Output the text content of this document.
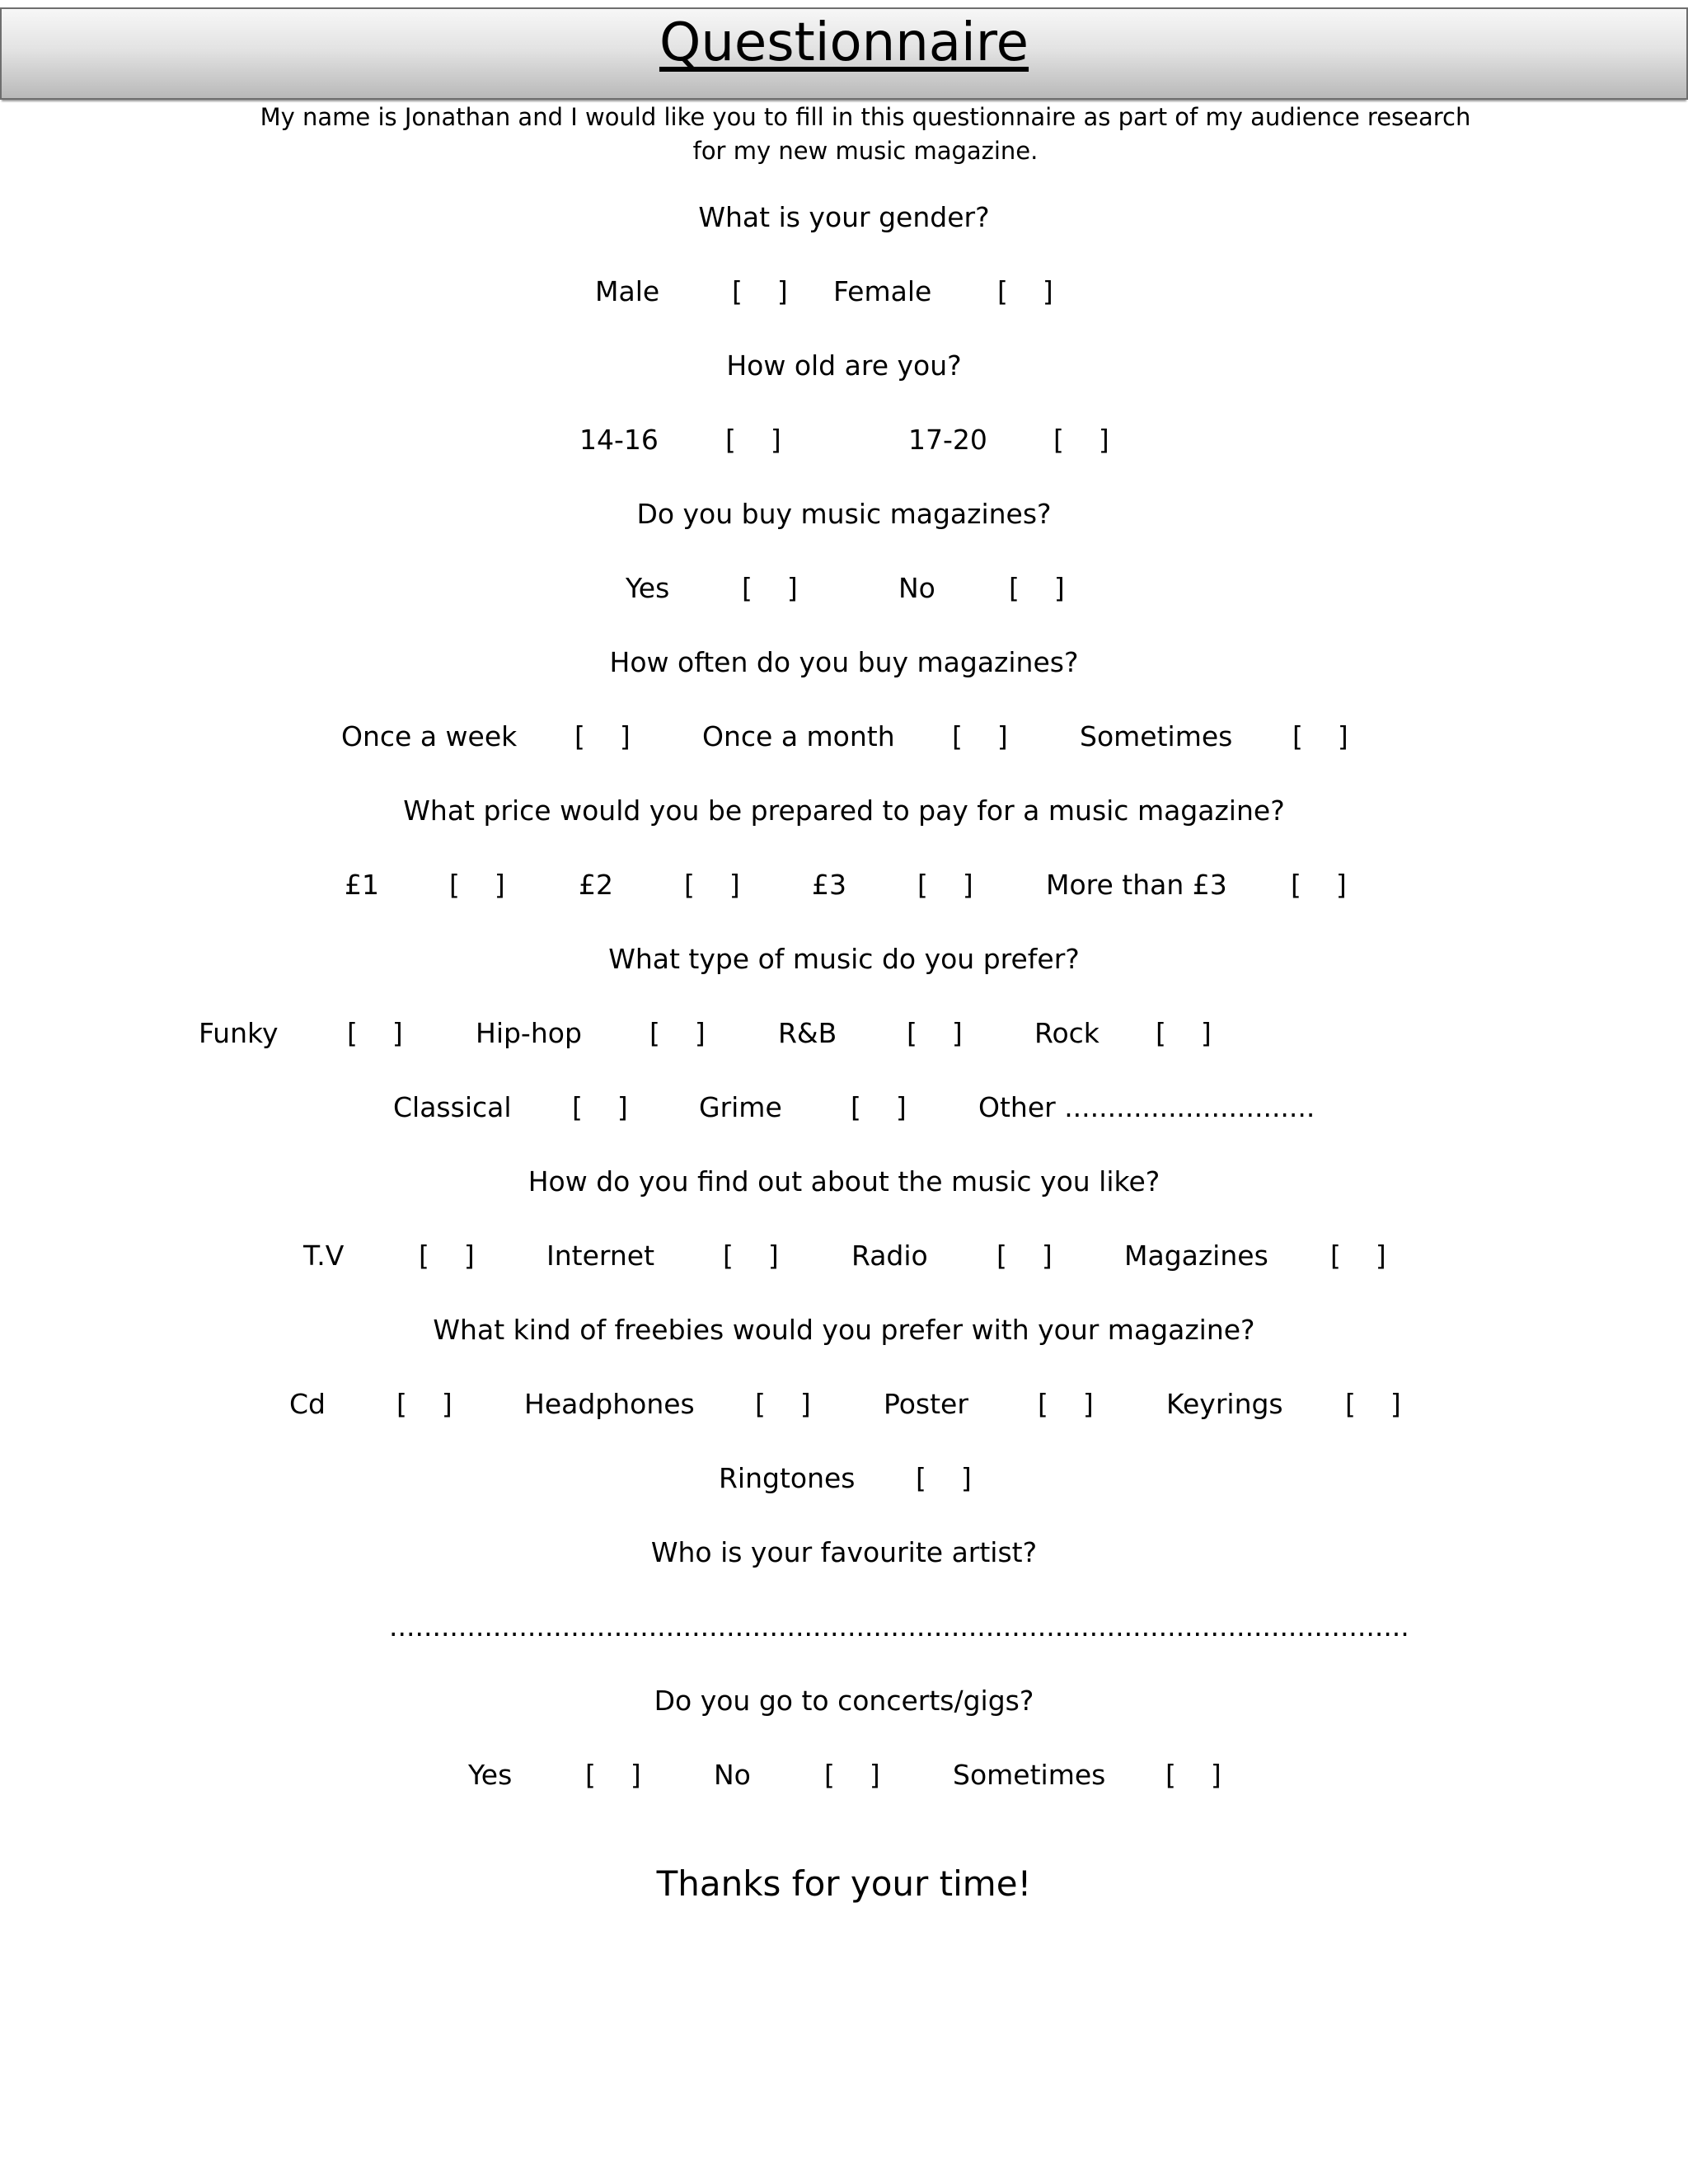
Questionnaire
My name is Jonathan and I would like you to fill in this questionnaire as part of my audience research for my new music magazine.
What is your gender?
Male	[    ] Female [    ]
How old are you?
14-16 [    ]	17-20 [    ]
Do you buy music magazines?
Yes	[    ]	No	[    ]
How often do you buy magazines?
Once a week [    ]	Once a month [    ]	Sometimes [    ]
What price would you be prepared to pay for a music magazine?
£1	[    ]	£2	[    ]	£3	[    ]	More than £3 [    ]
What type of music do you prefer?
Funky	[    ]	Hip-hop [    ]	R&B	[    ]	Rock [    ]
Classical [    ]	Grime	[    ]	Other .............................
How do you find out about the music you like?
T.V	[    ]	Internet	[    ]	Radio	[    ]	Magazines [    ]
What kind of freebies would you prefer with your magazine?
Cd	[    ]	Headphones [    ]	Poster	[    ]	Keyrings [    ]
Ringtones [    ]
Who is your favourite artist?
......................................................................................................................
Do you go to concerts/gigs?
Yes	[    ]	No	[    ]	Sometimes [    ]
Thanks for your time!
